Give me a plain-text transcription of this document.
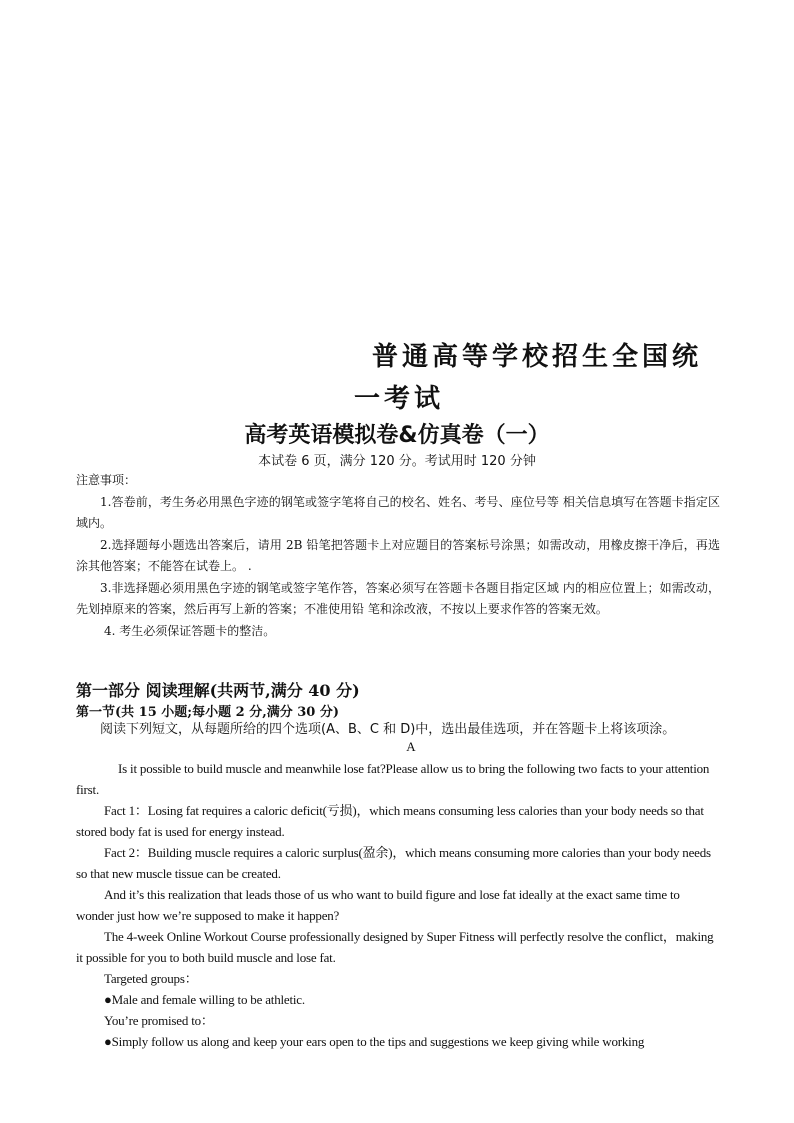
普通高等学校招生全国统
一考试
高考英语模拟卷&仿真卷（一）
本试卷 6 页，满分 120 分。考试用时 120 分钟
注意事项：

1.答卷前，考生务必用黑色字迹的钢笔或签字笔将自己的校名、姓名、考号、座位号等 相关信息填写在答题卡指定区域内。

2.选择题每小题选出答案后，请用 2B 铅笔把答题卡上对应题目的答案标号涂黑；如需改动，用橡皮擦干净后，再选涂其他答案；不能答在试卷上。 .

3.非选择题必须用黑色字迹的钢笔或签字笔作答，答案必须写在答题卡各题目指定区域 内的相应位置上；如需改动，先划掉原来的答案，然后再写上新的答案；不准使用铅 笔和涂改液，不按以上要求作答的答案无效。

4. 考生必须保证答题卡的整洁。

第一部分 阅读理解(共两节,满分 40 分)
第一节(共 15 小题;每小题 2 分,满分 30 分)
阅读下列短文，从每题所给的四个选项(A、B、C 和 D)中，选出最佳选项，并在答题卡上将该项涂。
A

Is it possible to build muscle and meanwhile lose fat?Please allow us to bring the following two facts to your attention first.

Fact 1：Losing fat requires a caloric deficit(亏损)，which means consuming less calories than your body needs so that stored body fat is used for energy instead.

Fact 2：Building muscle requires a caloric surplus(盈余)，which means consuming more calories than your body needs so that new muscle tissue can be created.

And it’s this realization that leads those of us who want to build figure and lose fat ideally at the exact same time to wonder just how we’re supposed to make it happen?

The 4-week Online Workout Course professionally designed by Super Fitness will perfectly resolve the conflict，making it possible for you to both build muscle and lose fat.

Targeted groups：

●Male and female willing to be athletic.

You’re promised to：

●Simply follow us along and keep your ears open to the tips and suggestions we keep giving while working
